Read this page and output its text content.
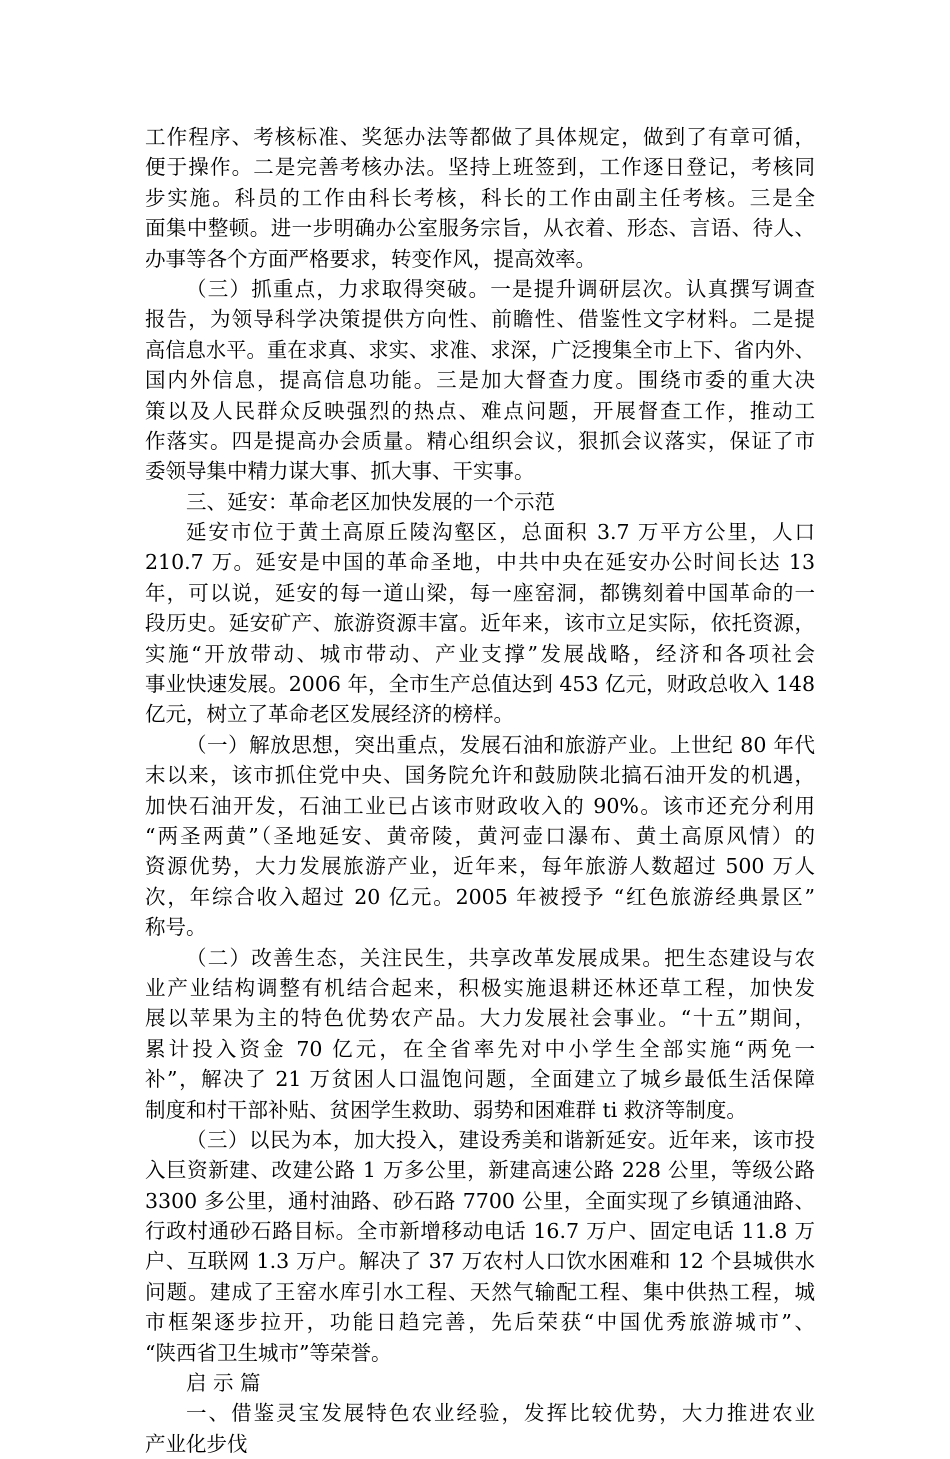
工作程序、考核标准、奖惩办法等都做了具体规定，做到了有章可循，
便于操作。二是完善考核办法。坚持上班签到，工作逐日登记，考核同
步实施。科员的工作由科长考核，科长的工作由副主任考核。三是全
面集中整顿。进一步明确办公室服务宗旨，从衣着、形态、言语、待人、
办事等各个方面严格要求，转变作风，提高效率。
（三）抓重点，力求取得突破。一是提升调研层次。认真撰写调查
报告，为领导科学决策提供方向性、前瞻性、借鉴性文字材料。二是提
高信息水平。重在求真、求实、求准、求深，广泛搜集全市上下、省内外、
国内外信息，提高信息功能。三是加大督查力度。围绕市委的重大决
策以及人民群众反映强烈的热点、难点问题，开展督查工作，推动工
作落实。四是提高办会质量。精心组织会议，狠抓会议落实，保证了市
委领导集中精力谋大事、抓大事、干实事。
三、延安：革命老区加快发展的一个示范
延安市位于黄土高原丘陵沟壑区，总面积 3.7 万平方公里，人口
210.7 万。延安是中国的革命圣地，中共中央在延安办公时间长达 13
年，可以说，延安的每一道山梁，每一座窑洞，都镌刻着中国革命的一
段历史。延安矿产、旅游资源丰富。近年来，该市立足实际，依托资源，
实施“开放带动、城市带动、产业支撑”发展战略，经济和各项社会
事业快速发展。2006 年，全市生产总值达到 453 亿元，财政总收入 148
亿元，树立了革命老区发展经济的榜样。
（一）解放思想，突出重点，发展石油和旅游产业。上世纪 80 年代
末以来，该市抓住党中央、国务院允许和鼓励陕北搞石油开发的机遇，
加快石油开发，石油工业已占该市财政收入的 90%。该市还充分利用
“两圣两黄”（圣地延安、黄帝陵，黄河壶口瀑布、黄土高原风情）的
资源优势，大力发展旅游产业，近年来，每年旅游人数超过 500 万人
次，年综合收入超过 20 亿元。2005 年被授予 “红色旅游经典景区”
称号。
（二）改善生态，关注民生，共享改革发展成果。把生态建设与农
业产业结构调整有机结合起来，积极实施退耕还林还草工程，加快发
展以苹果为主的特色优势农产品。大力发展社会事业。“十五”期间，
累计投入资金 70 亿元，在全省率先对中小学生全部实施“两免一
补”，解决了 21 万贫困人口温饱问题，全面建立了城乡最低生活保障
制度和村干部补贴、贫困学生救助、弱势和困难群 ti 救济等制度。
（三）以民为本，加大投入，建设秀美和谐新延安。近年来，该市投
入巨资新建、改建公路 1 万多公里，新建高速公路 228 公里，等级公路
3300 多公里，通村油路、砂石路 7700 公里，全面实现了乡镇通油路、
行政村通砂石路目标。全市新增移动电话 16.7 万户、固定电话 11.8 万
户、互联网 1.3 万户。解决了 37 万农村人口饮水困难和 12 个县城供水
问题。建成了王窑水库引水工程、天然气输配工程、集中供热工程，城
市框架逐步拉开，功能日趋完善，先后荣获“中国优秀旅游城市”、
“陕西省卫生城市”等荣誉。
启 示 篇
一、借鉴灵宝发展特色农业经验，发挥比较优势，大力推进农业
产业化步伐
